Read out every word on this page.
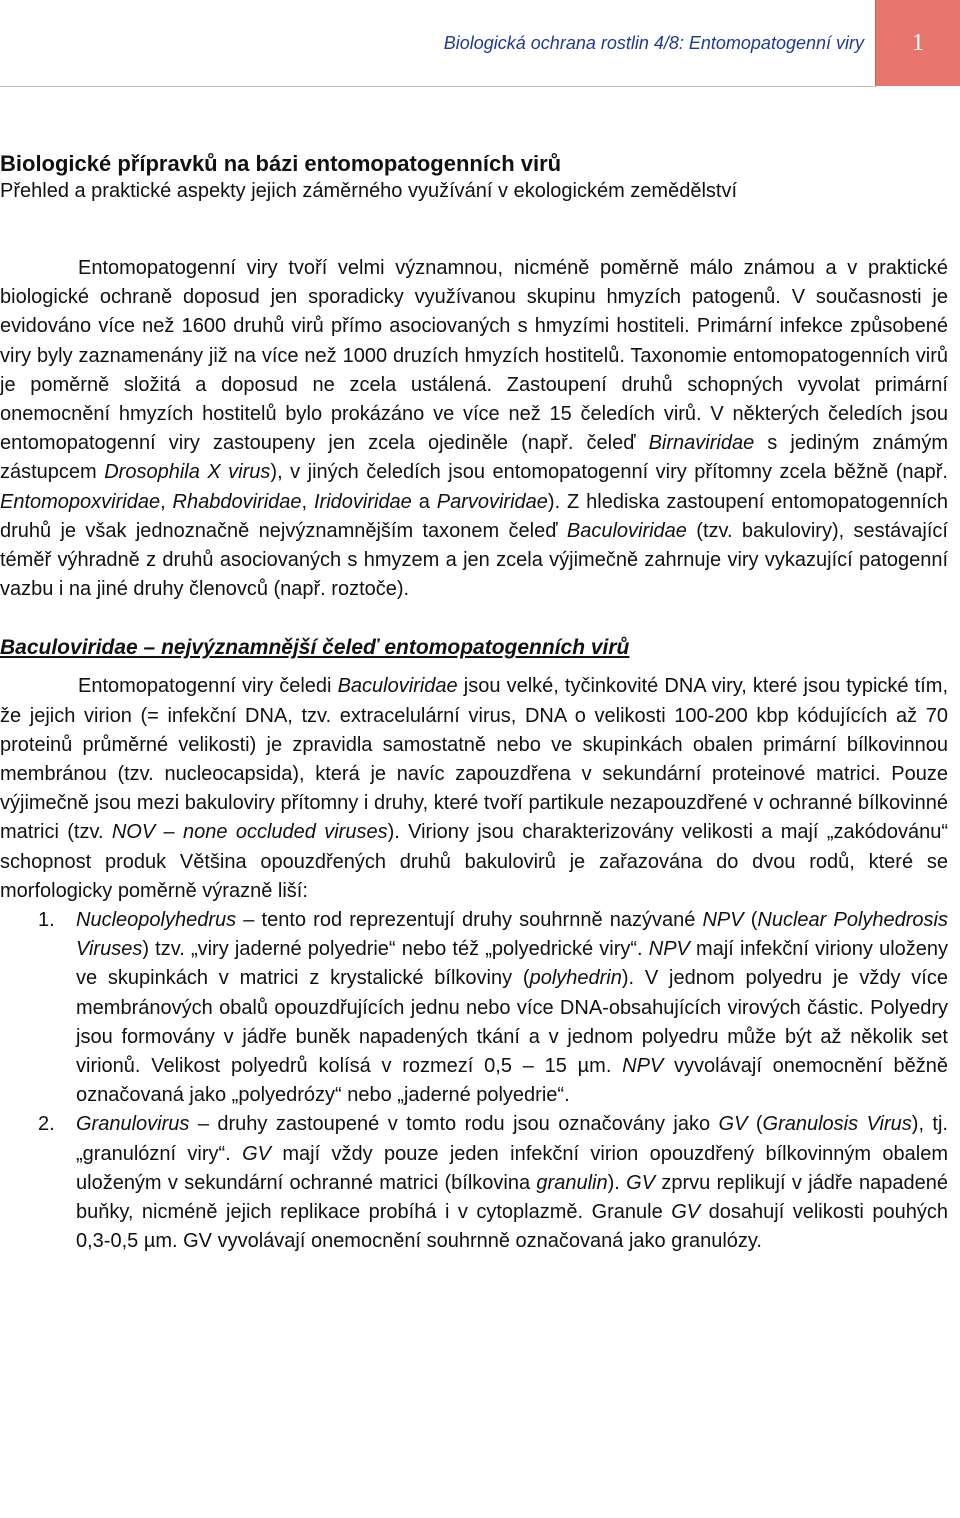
Biologická ochrana rostlin 4/8: Entomopatogenní viry	1
Biologické přípravků na bázi entomopatogenních virů
Přehled a praktické aspekty jejich záměrného využívání v ekologickém zemědělství

Entomopatogenní viry tvoří velmi významnou, nicméně poměrně málo známou a v praktické biologické ochraně doposud jen sporadicky využívanou skupinu hmyzích patogenů. V současnosti je evidováno více než 1600 druhů virů přímo asociovaných s hmyzími hostiteli. Primární infekce způsobené viry byly zaznamenány již na více než 1000 druzích hmyzích hostitelů. Taxonomie entomopatogenních virů je poměrně složitá a doposud ne zcela ustálená. Zastoupení druhů schopných vyvolat primární onemocnění hmyzích hostitelů bylo prokázáno ve více než 15 čeledích virů. V některých čeledích jsou entomopatogenní viry zastoupeny jen zcela ojediněle (např. čeleď Birnaviridae s jediným známým zástupcem Drosophila X virus), v jiných čeledích jsou entomopatogenní viry přítomny zcela běžně (např. Entomopoxviridae, Rhabdoviridae, Iridoviridae a Parvoviridae). Z hlediska zastoupení entomopatogenních druhů je však jednoznačně nejvýznamnějším taxonem čeleď Baculoviridae (tzv. bakuloviry), sestávající téměř výhradně z druhů asociovaných s hmyzem a jen zcela výjimečně zahrnuje viry vykazující patogenní vazbu i na jiné druhy členovců (např. roztoče).

Baculoviridae – nejvýznamnější čeleď entomopatogenních virů

Entomopatogenní viry čeledi Baculoviridae jsou velké, tyčinkovité DNA viry, které jsou typické tím, že jejich virion (= infekční DNA, tzv. extracelulární virus, DNA o velikosti 100-200 kbp kódujících až 70 proteinů průměrné velikosti) je zpravidla samostatně nebo ve skupinkách obalen primární bílkovinnou membránou (tzv. nucleocapsida), která je navíc zapouzdřena v sekundární proteinové matrici. Pouze výjimečně jsou mezi bakuloviry přítomny i druhy, které tvoří partikule nezapouzdřené v ochranné bílkovinné matrici (tzv. NOV – none occluded viruses). Viriony jsou charakterizovány velikosti a mají „zakódovánu“ schopnost produk Většina opouzdřených druhů bakulovirů je zařazována do dvou rodů, které se morfologicky poměrně výrazně liší:

1. Nucleopolyhedrus – tento rod reprezentují druhy souhrnně nazývané NPV (Nuclear Polyhedrosis Viruses) tzv. „viry jaderné polyedrie“ nebo též „polyedrické viry“. NPV mají infekční viriony uloženy ve skupinkách v matrici z krystalické bílkoviny (polyhedrin). V jednom polyedru je vždy více membránových obalů opouzdřujících jednu nebo více DNA-obsahujících virových částic. Polyedry jsou formovány v jádře buněk napadených tkání a v jednom polyedru může být až několik set virionů. Velikost polyedrů kolísá v rozmezí 0,5 – 15 µm. NPV vyvolávají onemocnění běžně označovaná jako „polyedrózy“ nebo „jaderné polyedrie“.
2. Granulovirus – druhy zastoupené v tomto rodu jsou označovány jako GV (Granulosis Virus), tj. „granulózní viry“. GV mají vždy pouze jeden infekční virion opouzdřený bílkovinným obalem uloženým v sekundární ochranné matrici (bílkovina granulin). GV zprvu replikují v jádře napadené buňky, nicméně jejich replikace probíhá i v cytoplazmě. Granule GV dosahují velikosti pouhých 0,3-0,5 µm. GV vyvolávají onemocnění souhrnně označovaná jako granulózy.
